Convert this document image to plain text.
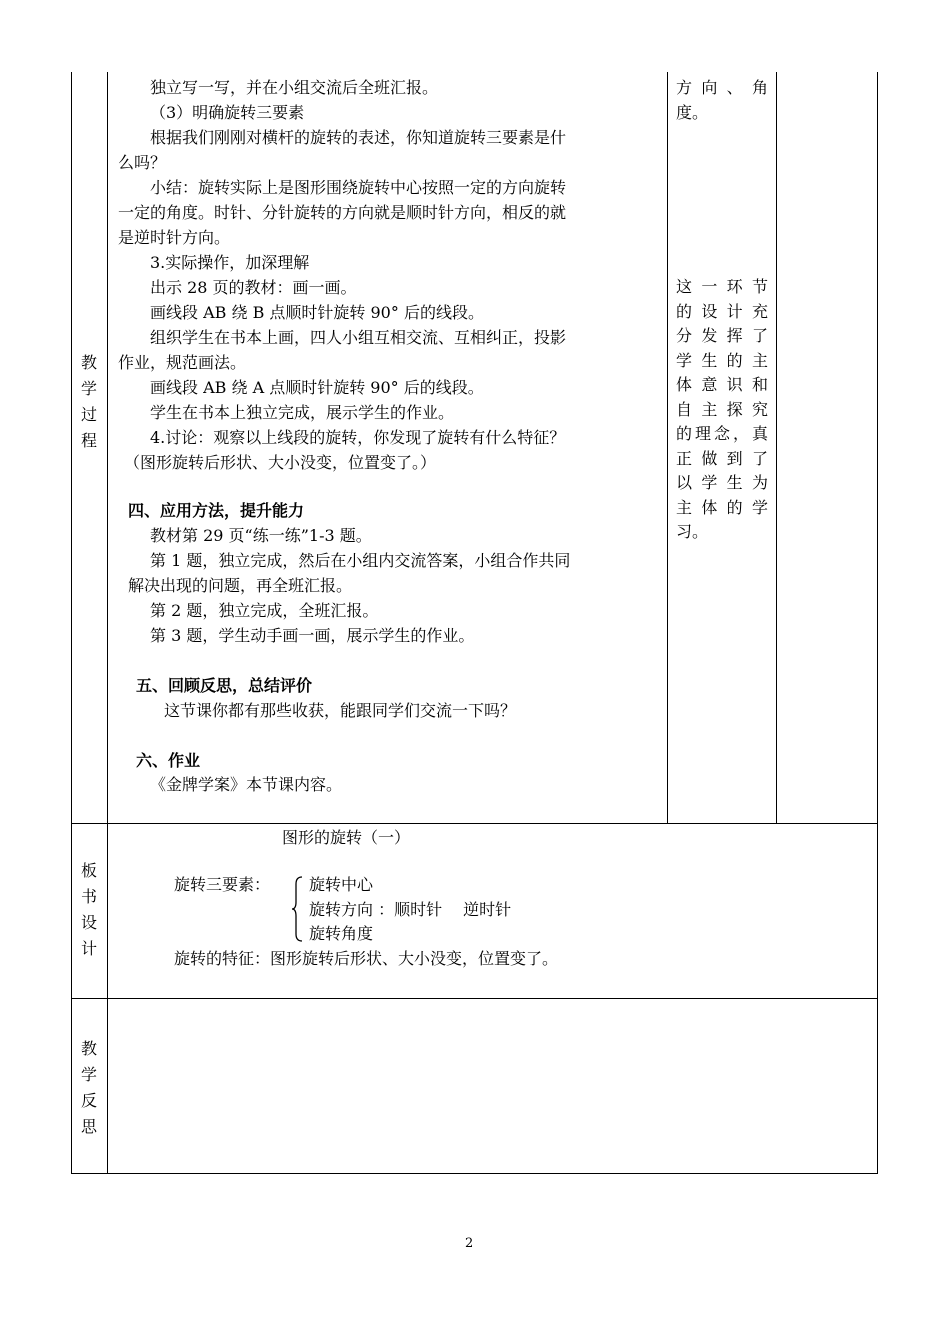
教
学
过
程
板
书
设
计
教
学
反
思
独立写一写，并在小组交流后全班汇报。
（3）明确旋转三要素
根据我们刚刚对横杆的旋转的表述，你知道旋转三要素是什
么吗？
小结：旋转实际上是图形围绕旋转中心按照一定的方向旋转
一定的角度。时针、分针旋转的方向就是顺时针方向，相反的就
是逆时针方向。
3.实际操作，加深理解
出示 28 页的教材：画一画。
画线段 AB 绕 B 点顺时针旋转 90° 后的线段。
组织学生在书本上画，四人小组互相交流、互相纠正，投影
作业，规范画法。
画线段 AB 绕 A 点顺时针旋转 90° 后的线段。
学生在书本上独立完成，展示学生的作业。
4.讨论：观察以上线段的旋转，你发现了旋转有什么特征？
（图形旋转后形状、大小没变，位置变了。）
四、应用方法，提升能力
教材第 29 页“练一练”1-3 题。
第 1 题，独立完成，然后在小组内交流答案，小组合作共同
解决出现的问题，再全班汇报。
第 2 题，独立完成，全班汇报。
第 3 题，学生动手画一画，展示学生的作业。
五、回顾反思，总结评价
这节课你都有那些收获，能跟同学们交流一下吗？
六、作业
《金牌学案》本节课内容。
方 向 、 角
度。
这 一 环 节
的 设 计 充
分 发 挥 了
学 生 的 主
体 意 识 和
自 主 探 究
的理念，真
正 做 到 了
以 学 生 为
主 体 的 学
习。
图形的旋转（一）
旋转三要素： 旋转中心
旋转方向 ：顺时针　 逆时针
旋转角度
旋转的特征：图形旋转后形状、大小没变，位置变了。
2
